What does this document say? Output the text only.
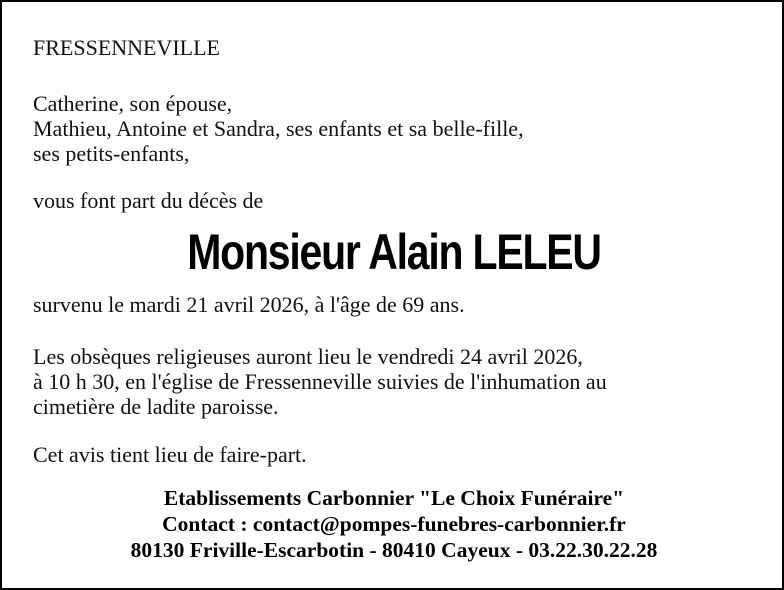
FRESSENNEVILLE
Catherine, son épouse,
Mathieu, Antoine et Sandra, ses enfants et sa belle-fille,
ses petits-enfants,
vous font part du décès de
Monsieur Alain LELEU
survenu le mardi 21 avril 2026, à l'âge de 69 ans.
Les obsèques religieuses auront lieu le vendredi 24 avril 2026,
à 10 h 30, en l'église de Fressenneville suivies de l'inhumation au
cimetière de ladite paroisse.
Cet avis tient lieu de faire-part.
Etablissements Carbonnier "Le Choix Funéraire"
Contact : contact@pompes-funebres-carbonnier.fr
80130 Friville-Escarbotin - 80410 Cayeux - 03.22.30.22.28
